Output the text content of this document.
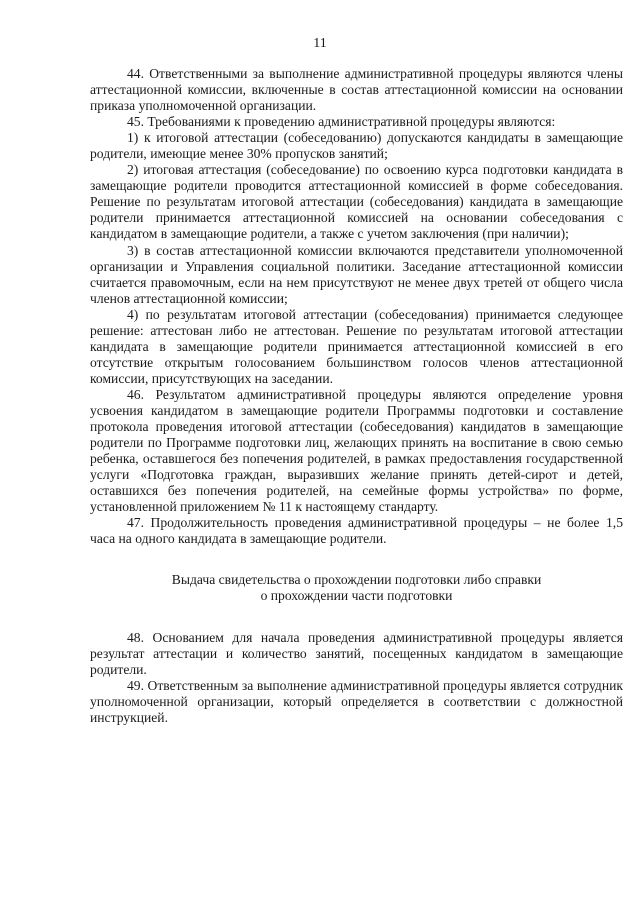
11

44. Ответственными за выполнение административной процедуры являются члены аттестационной комиссии, включенные в состав аттестационной комиссии на основании приказа уполномоченной организации.

45. Требованиями к проведению административной процедуры являются:

1) к итоговой аттестации (собеседованию) допускаются кандидаты в замещающие родители, имеющие менее 30% пропусков занятий;

2) итоговая аттестация (собеседование) по освоению курса подготовки кандидата в замещающие родители проводится аттестационной комиссией в форме собеседования. Решение по результатам итоговой аттестации (собеседования) кандидата в замещающие родители принимается аттестационной комиссией на основании собеседования с кандидатом в замещающие родители, а также с учетом заключения (при наличии);

3) в состав аттестационной комиссии включаются представители уполномоченной организации и Управления социальной политики. Заседание аттестационной комиссии считается правомочным, если на нем присутствуют не менее двух третей от общего числа членов аттестационной комиссии;

4) по результатам итоговой аттестации (собеседования) принимается следующее решение: аттестован либо не аттестован. Решение по результатам итоговой аттестации кандидата в замещающие родители принимается аттестационной комиссией в его отсутствие открытым голосованием большинством голосов членов аттестационной комиссии, присутствующих на заседании.

46. Результатом административной процедуры являются определение уровня усвоения кандидатом в замещающие родители Программы подготовки и составление протокола проведения итоговой аттестации (собеседования) кандидатов в замещающие родители по Программе подготовки лиц, желающих принять на воспитание в свою семью ребенка, оставшегося без попечения родителей, в рамках предоставления государственной услуги «Подготовка граждан, выразивших желание принять детей-сирот и детей, оставшихся без попечения родителей, на семейные формы устройства» по форме, установленной приложением № 11 к настоящему стандарту.

47. Продолжительность проведения административной процедуры – не более 1,5 часа на одного кандидата в замещающие родители.

Выдача свидетельства о прохождении подготовки либо справки
о прохождении части подготовки

48. Основанием для начала проведения административной процедуры является результат аттестации и количество занятий, посещенных кандидатом в замещающие родители.

49. Ответственным за выполнение административной процедуры является сотрудник уполномоченной организации, который определяется в соответствии с должностной инструкцией.
